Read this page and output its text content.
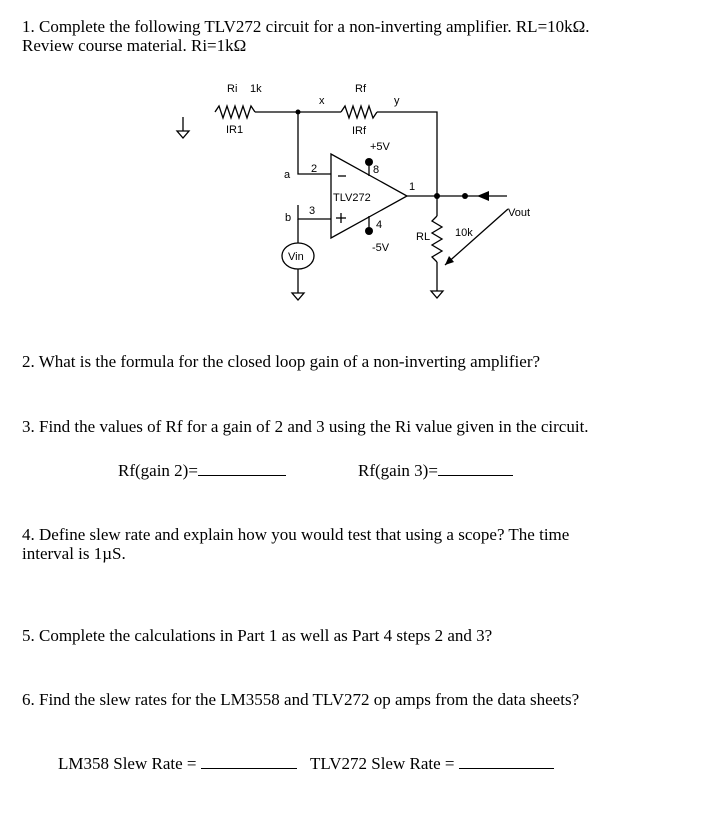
1. Complete the following TLV272 circuit for a non-inverting amplifier. RL=10kΩ.

Review course material. Ri=1kΩ

Ri 1k
IR1
x
Rf
y
IRf
+5V
8
a 2
TLV272
1
b
3
4
-5V
RL 10k
Vout
Vin

2. What is the formula for the closed loop gain of a non-inverting amplifier?

3. Find the values of Rf for a gain of 2 and 3 using the Ri value given in the circuit.

Rf(gain 2)=	Rf(gain 3)=

4. Define slew rate and explain how you would test that using a scope? The time

interval is 1µS.

5. Complete the calculations in Part 1 as well as Part 4 steps 2 and 3?

6. Find the slew rates for the LM3558 and TLV272 op amps from the data sheets?

LM358 Slew Rate =	TLV272 Slew Rate =
